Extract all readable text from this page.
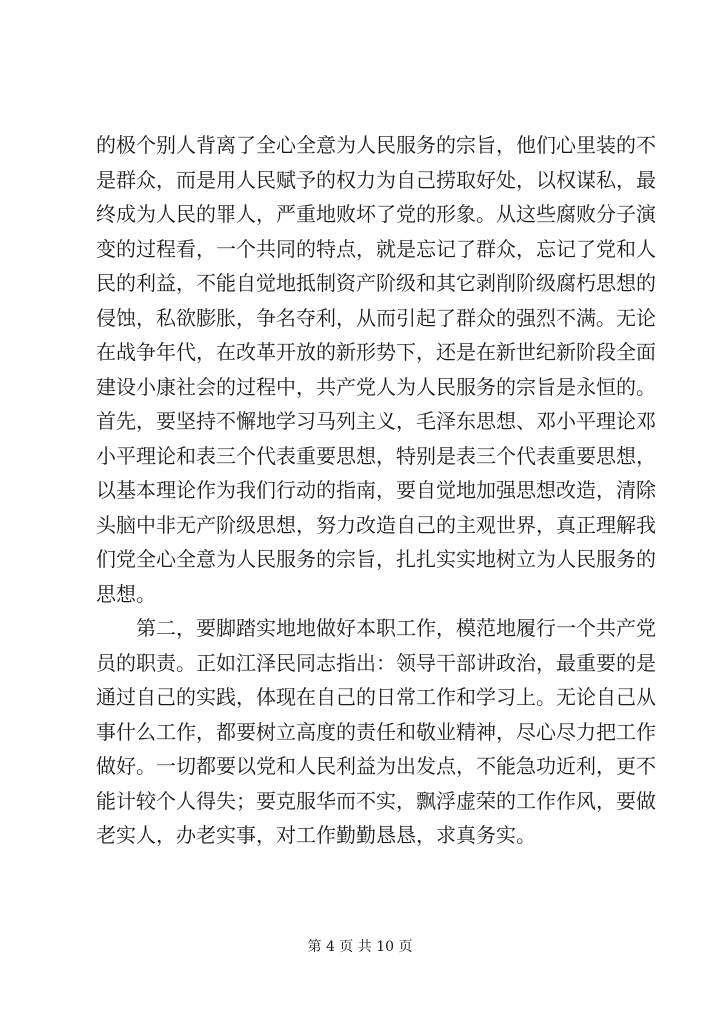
的极个别人背离了全心全意为人民服务的宗旨，他们心里装的不
是群众，而是用人民赋予的权力为自己捞取好处，以权谋私，最
终成为人民的罪人，严重地败坏了党的形象。从这些腐败分子演
变的过程看，一个共同的特点，就是忘记了群众，忘记了党和人
民的利益，不能自觉地抵制资产阶级和其它剥削阶级腐朽思想的
侵蚀，私欲膨胀，争名夺利，从而引起了群众的强烈不满。无论
在战争年代，在改革开放的新形势下，还是在新世纪新阶段全面
建设小康社会的过程中，共产党人为人民服务的宗旨是永恒的。
首先，要坚持不懈地学习马列主义，毛泽东思想、邓小平理论邓
小平理论和表三个代表重要思想，特别是表三个代表重要思想，
以基本理论作为我们行动的指南，要自觉地加强思想改造，清除
头脑中非无产阶级思想，努力改造自己的主观世界，真正理解我
们党全心全意为人民服务的宗旨，扎扎实实地树立为人民服务的
思想。
第二，要脚踏实地地做好本职工作，模范地履行一个共产党
员的职责。正如江泽民同志指出：领导干部讲政治，最重要的是
通过自己的实践，体现在自己的日常工作和学习上。无论自己从
事什么工作，都要树立高度的责任和敬业精神，尽心尽力把工作
做好。一切都要以党和人民利益为出发点，不能急功近利，更不
能计较个人得失；要克服华而不实，飘浮虚荣的工作作风，要做
老实人，办老实事，对工作勤勤恳恳，求真务实。
第 4 页 共 10 页
